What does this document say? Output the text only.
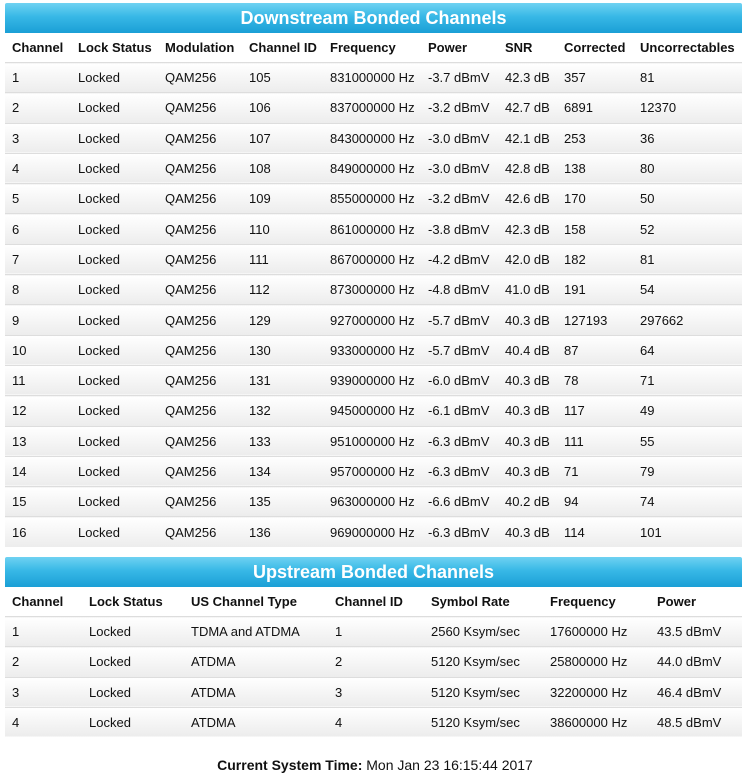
Downstream Bonded Channels
Channel	Lock Status	Modulation	Channel ID	Frequency	Power	SNR	Corrected	Uncorrectables
1	Locked	QAM256	105	831000000 Hz	-3.7 dBmV	42.3 dB	357	81
2	Locked	QAM256	106	837000000 Hz	-3.2 dBmV	42.7 dB	6891	12370
3	Locked	QAM256	107	843000000 Hz	-3.0 dBmV	42.1 dB	253	36
4	Locked	QAM256	108	849000000 Hz	-3.0 dBmV	42.8 dB	138	80
5	Locked	QAM256	109	855000000 Hz	-3.2 dBmV	42.6 dB	170	50
6	Locked	QAM256	110	861000000 Hz	-3.8 dBmV	42.3 dB	158	52
7	Locked	QAM256	111	867000000 Hz	-4.2 dBmV	42.0 dB	182	81
8	Locked	QAM256	112	873000000 Hz	-4.8 dBmV	41.0 dB	191	54
9	Locked	QAM256	129	927000000 Hz	-5.7 dBmV	40.3 dB	127193	297662
10	Locked	QAM256	130	933000000 Hz	-5.7 dBmV	40.4 dB	87	64
11	Locked	QAM256	131	939000000 Hz	-6.0 dBmV	40.3 dB	78	71
12	Locked	QAM256	132	945000000 Hz	-6.1 dBmV	40.3 dB	117	49
13	Locked	QAM256	133	951000000 Hz	-6.3 dBmV	40.3 dB	111	55
14	Locked	QAM256	134	957000000 Hz	-6.3 dBmV	40.3 dB	71	79
15	Locked	QAM256	135	963000000 Hz	-6.6 dBmV	40.2 dB	94	74
16	Locked	QAM256	136	969000000 Hz	-6.3 dBmV	40.3 dB	114	101
Upstream Bonded Channels
Channel	Lock Status	US Channel Type	Channel ID	Symbol Rate	Frequency	Power
1	Locked	TDMA and ATDMA	1	2560 Ksym/sec	17600000 Hz	43.5 dBmV
2	Locked	ATDMA	2	5120 Ksym/sec	25800000 Hz	44.0 dBmV
3	Locked	ATDMA	3	5120 Ksym/sec	32200000 Hz	46.4 dBmV
4	Locked	ATDMA	4	5120 Ksym/sec	38600000 Hz	48.5 dBmV
Current System Time: Mon Jan 23 16:15:44 2017
